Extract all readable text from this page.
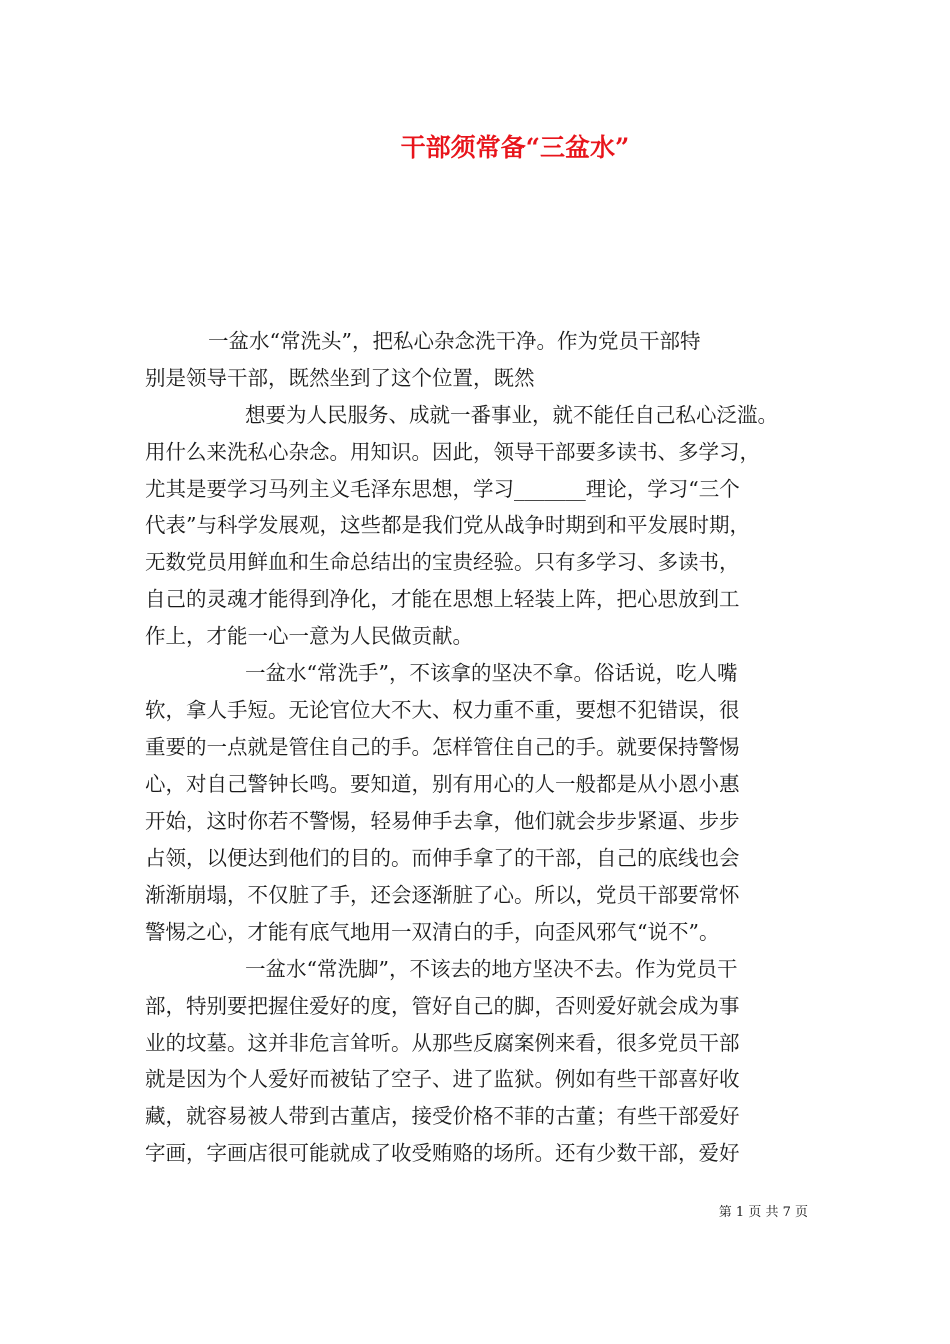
干部须常备“三盆水”
一盆水“常洗头”，把私心杂念洗干净。作为党员干部特
别是领导干部，既然坐到了这个位置，既然
想要为人民服务、成就一番事业，就不能任自己私心泛滥。
用什么来洗私心杂念。用知识。因此，领导干部要多读书、多学习，
尤其是要学习马列主义毛泽东思想，学习_______理论，学习“三个
代表”与科学发展观，这些都是我们党从战争时期到和平发展时期，
无数党员用鲜血和生命总结出的宝贵经验。只有多学习、多读书，
自己的灵魂才能得到净化，才能在思想上轻装上阵，把心思放到工
作上，才能一心一意为人民做贡献。
一盆水“常洗手”，不该拿的坚决不拿。俗话说，吃人嘴
软，拿人手短。无论官位大不大、权力重不重，要想不犯错误，很
重要的一点就是管住自己的手。怎样管住自己的手。就要保持警惕
心，对自己警钟长鸣。要知道，别有用心的人一般都是从小恩小惠
开始，这时你若不警惕，轻易伸手去拿，他们就会步步紧逼、步步
占领，以便达到他们的目的。而伸手拿了的干部，自己的底线也会
渐渐崩塌，不仅脏了手，还会逐渐脏了心。所以，党员干部要常怀
警惕之心，才能有底气地用一双清白的手，向歪风邪气“说不”。
一盆水“常洗脚”，不该去的地方坚决不去。作为党员干
部，特别要把握住爱好的度，管好自己的脚，否则爱好就会成为事
业的坟墓。这并非危言耸听。从那些反腐案例来看，很多党员干部
就是因为个人爱好而被钻了空子、进了监狱。例如有些干部喜好收
藏，就容易被人带到古董店，接受价格不菲的古董；有些干部爱好
字画，字画店很可能就成了收受贿赂的场所。还有少数干部，爱好
第 1 页 共 7 页
